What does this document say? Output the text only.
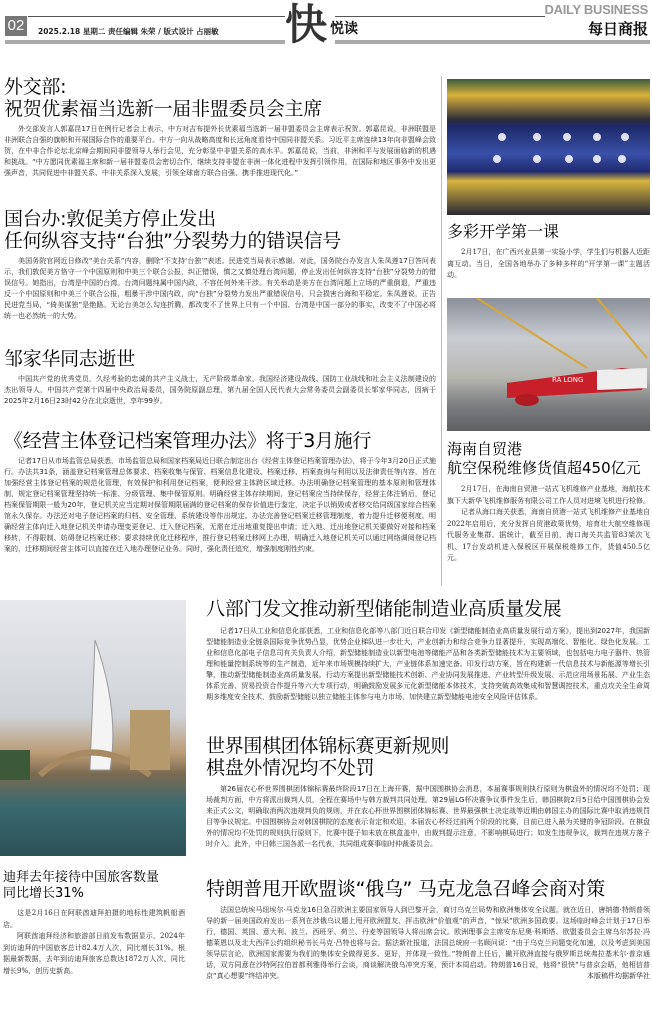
02	2025.2.18 星期二 责任编辑 朱荣 / 版式设计 占丽敏 快 悦读
DAILY BUSINESS
每日商报
外交部:
祝贺优素福当选新一届非盟委员会主席

外交部发言人郭嘉昆17日在例行记者会上表示，中方对吉布提外长优素福当选新一届非盟委员会主席表示祝贺。郭嘉昆说，非洲联盟是非洲联合自强的旗帜和开展国际合作的重要平台。中方一向从战略高度和长远角度看待中国同非盟关系。习近平主席连续13年向非盟峰会致贺，在中非合作论坛北京峰会期间同非盟领导人举行会见，充分彰显中非盟关系的高水平。郭嘉昆说，当前，非洲和平与发展面临新的机遇和挑战。“中方愿同优素福主席和新一届非盟委员会密切合作，继续支持非盟在非洲一体化进程中发挥引领作用，在国际和地区事务中发出更强声音，共同促进中非盟关系、中非关系深入发展，引领全球南方联合自强、携手推进现代化。”

国台办:敦促美方停止发出
任何纵容支持“台独”分裂势力的错误信号

美国务院官网近日修改“美台关系”内容，删除“不支持‘台独’”表述。民进党当局表示感谢。对此，国务院台办发言人朱凤莲17日答问表示，我们敦促美方恪守一个中国原则和中美三个联合公报，纠正错误，慎之又慎处理台湾问题，停止发出任何纵容支持“台独”分裂势力的错误信号。她指出，台湾是中国的台湾。台湾问题纯属中国内政，不容任何外来干涉。有关举动是美方在台湾问题上立场的严重倒退，严重违反一个中国原则和中美三个联合公报，粗暴干涉中国内政，向“台独”分裂势力发出严重错误信号，只会损害台海和平稳定。朱凤莲说，正告民进党当局，“倚美谋独”是绝路。无论台美怎么勾连折腾，都改变不了世界上只有一个中国、台湾是中国一部分的事实，改变不了中国必将统一也必然统一的大势。

邹家华同志逝世

中国共产党的优秀党员，久经考验的忠诚的共产主义战士，无产阶级革命家，我国经济建设战线、国防工业战线和社会主义法制建设的杰出领导人，中国共产党第十四届中央政治局委员，国务院原副总理，第九届全国人民代表大会常务委员会副委员长邹家华同志，因病于2025年2月16日23时42分在北京逝世，享年99岁。

《经营主体登记档案管理办法》将于3月施行

记者17日从市场监管总局获悉，市场监管总局和国家档案局近日联合制定出台《经营主体登记档案管理办法》，将于今年3月20日正式施行。办法共31条，涵盖登记档案管理总体要求、档案收集与保管、档案信息化建设、档案迁移、档案查询与利用以及法律责任等内容，旨在加强经营主体登记档案的规范化管理，有效保护和利用登记档案，便利经营主体跨区域迁移。办法明确登记档案管理的基本原则和管理体制，规定登记档案管理坚持统一标准、分级管理、集中保管原则。明确经营主体存续期间，登记档案应当持续保存，经营主体注销后，登记档案保管期限一般为20年，登记机关应当定期对保管期限届满的登记档案的保存价值进行鉴定，决定予以销毁或者移交给同级国家综合档案馆永久保存。办法还对电子登记档案的归档、安全管理、系统建设等作出规定。办法完善登记档案迁移管理制度，着力提升迁移便利度。明确经营主体向迁入地登记机关申请办理变更登记、迁入登记档案，无需在迁出地重复提出申请；迁入地、迁出地登记机关要做好对接和档案移转，不得限制、妨碍登记档案迁移；要求持续优化迁移程序，推行登记档案迁移网上办理，明确迁入地登记机关可以通过网络调阅登记档案的，迁移期间经营主体可以直接在迁入地办理登记业务。同时，强化责任追究，增强制度刚性约束。

多彩开学第一课

2月17日，在广西兴业县第一实验小学，学生们与机器人近距离互动。当日，全国各地举办了多种多样的“开学第一课”主题活动。

RA LONG
海南自贸港
航空保税维修货值超450亿元

2月17日，在海南自贸港一站式飞机维修产业基地，海航技术旗下大新华飞机维修服务有限公司工作人员对进境飞机进行检修。

记者从海口海关获悉，海南自贸港一站式飞机维修产业基地自2022年启用后，充分发挥自贸港政策优势，培育壮大航空维修现代服务业集群。据统计，截至目前，海口海关共监管83架次飞机、17台发动机进入保税区开展保税维修工作，货值450.5亿元。

迪拜去年接待中国旅客数量
同比增长31%

这是2月16日在阿联酋迪拜拍摄的地标性建筑帆船酒店。

阿联酋迪拜经济和旅游部日前发布数据显示，2024年到访迪拜的中国旅客总计82.4万人次，同比增长31%。根据最新数据，去年到访迪拜旅客总数达1872万人次，同比增长9%，创历史新高。

八部门发文推动新型储能制造业高质量发展

记者17日从工业和信息化部获悉，工业和信息化部等八部门近日联合印发《新型储能制造业高质量发展行动方案》，提出到2027年，我国新型储能制造业全链条国际竞争优势凸显，优势企业梯队进一步壮大，产业创新力和综合竞争力显著提升，实现高端化、智能化、绿色化发展。工业和信息化部电子信息司有关负责人介绍，新型储能制造业以新型电池等储能产品和各类新型储能技术为主要领域，也包括电力电子器件、热管理和能量控制系统等的生产制造，近年来市场规模持续扩大，产业链体系加速完备。印发行动方案，旨在构建新一代信息技术与新能源等增长引擎，推动新型储能制造业高质量发展。行动方案提出新型储能技术创新、产业协同发展推进、产业转型升级发展、示范应用场景拓展、产业生态体系完善、贸易投资合作提升等六大专项行动，明确鼓励发展多元化新型储能本体技术，支持突破高效集成和智慧调控技术，重点攻关全生命周期多维度安全技术，鼓励新型储能以独立储能主体参与电力市场，加快建立新型储能电池安全风险评估体系。

世界围棋团体锦标赛更新规则
棋盘外情况均不处罚

第26届农心杯世界围棋团体锦标赛最终阶段17日在上海开赛，据中国围棋协会消息，本届赛事规则执行原则为棋盘外的情况均不处罚；现场裁判方面，中方将派出裁判人员，全程在赛场中与韩方裁判共同处理。第29届LG杯决赛争议事件发生后，韩国棋院2月5日给中国围棋协会发来正式公文，明确取消两次违规判负的规则，并在农心杯世界围棋团体锦标赛、世界最强棋士决定战等近期由韩国主办的国际比赛中取消违规罚目等争议规定。中国围棋协会对韩国棋院的态度表示肯定和欢迎。本届农心杯经过前两个阶段的比赛，目前已进入最为关键的争冠阶段。在棋盘外的情况均不处罚的规则执行原则下，比赛中提子如未放在棋盒盖中，由裁判提示注意，不影响棋局进行；如发生违规争议，裁判在违规方落子时介入。此外，中日韩三国各派一名代表，共同组成赛事临时仲裁委员会。

特朗普甩开欧盟谈“俄乌” 马克龙急召峰会商对策

法国总统埃马纽埃尔·马克龙16日急召欧洲主要国家领导人到巴黎开会，商讨乌克兰局势和欧洲集体安全议题。就在近日，唐纳德·特朗普领导的新一届美国政府发出一系列在涉俄乌议题上甩开欧洲盟友、抨击欧洲“价值观”的声音，“惊呆”欧洲多国政要。这场临时峰会计划于17日举行，德国、英国、意大利、波兰、西班牙、荷兰、丹麦等国领导人将出席会议。欧洲理事会主席安东尼奥·科斯塔、欧盟委员会主席乌尔苏拉·冯德莱恩以及北大西洋公约组织秘书长马克·吕特也将与会。据法新社报道，法国总统府一名顾问说：“由于乌克兰问题变化加速，以及考虑到美国领导层言论，欧洲国家需要为我们的集体安全做得更多、更好，并体现一致性。”特朗普上任后，撇开欧洲直接与俄罗斯总统弗拉基米尔·普京通话，双方同意在沙特阿拉伯首都利雅得举行会谈，商谈解决俄乌冲突方案，预计本周启动。特朗普16日说，他将“很快”与普京会晤，他相信普京“真心想要”终结冲突。	本版稿件均据新华社
